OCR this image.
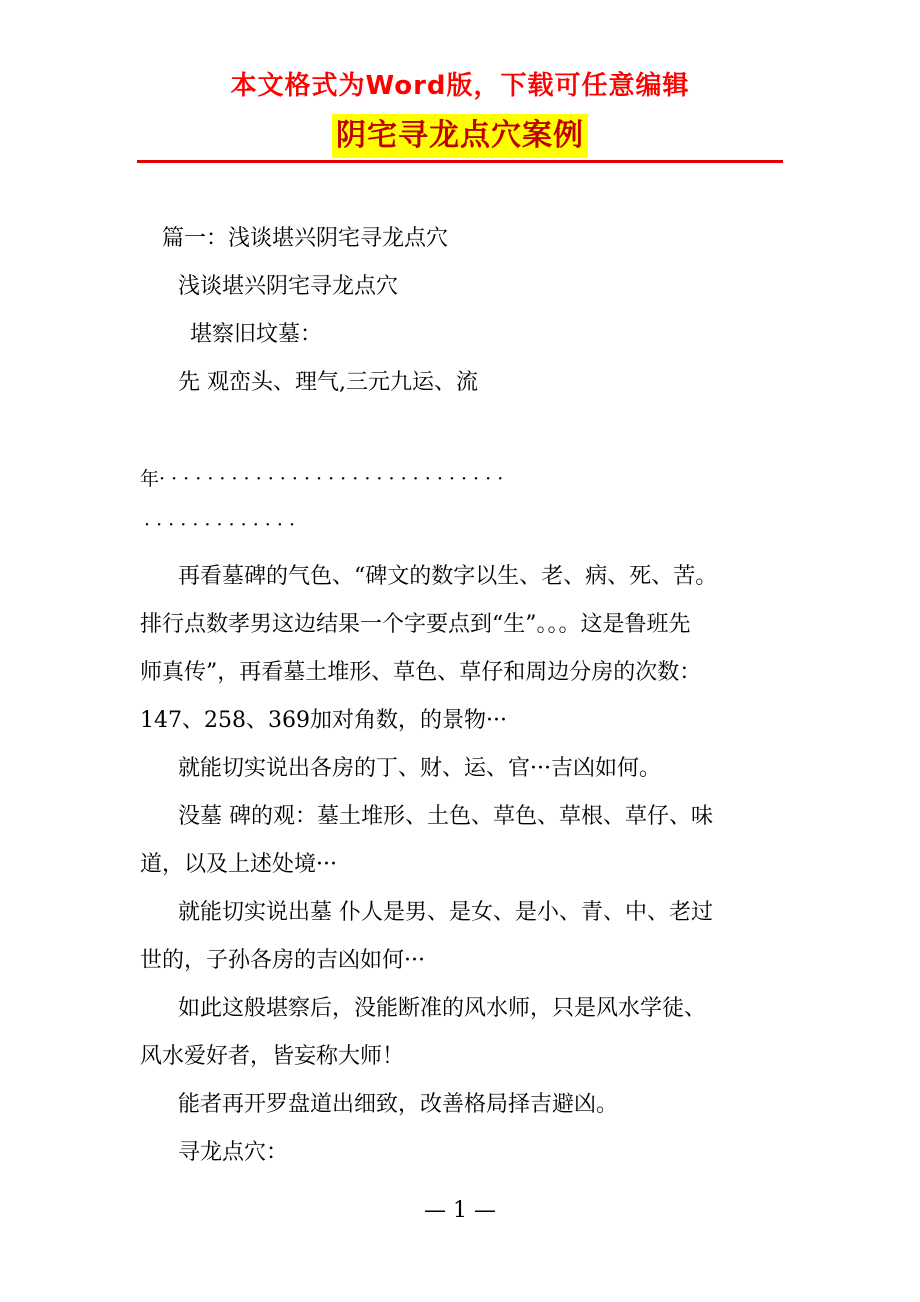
本文格式为Word版，下载可任意编辑
阴宅寻龙点穴案例
篇一：浅谈堪兴阴宅寻龙点穴
浅谈堪兴阴宅寻龙点穴
堪察旧坟墓：
先 观峦头、理气,三元九运、流
年· · · · · · · · · · · · · · · · · · · · · · · · · · · · ·
· · · · · · · · · · · · ·
再看墓碑的气色、“碑文的数字以生、老、病、死、苦。
排行点数孝男这边结果一个字要点到“生”。。。这是鲁班先
师真传”，再看墓土堆形、草色、草仔和周边分房的次数：
147、258、369加对角数，的景物···
就能切实说出各房的丁、财、运、官···吉凶如何。
没墓 碑的观：墓土堆形、土色、草色、草根、草仔、味
道，以及上述处境···
就能切实说出墓 仆人是男、是女、是小、青、中、老过
世的，子孙各房的吉凶如何···
如此这般堪察后，没能断准的风水师，只是风水学徒、
风水爱好者，皆妄称大师！
能者再开罗盘道出细致，改善格局择吉避凶。
寻龙点穴：
— 1 —
